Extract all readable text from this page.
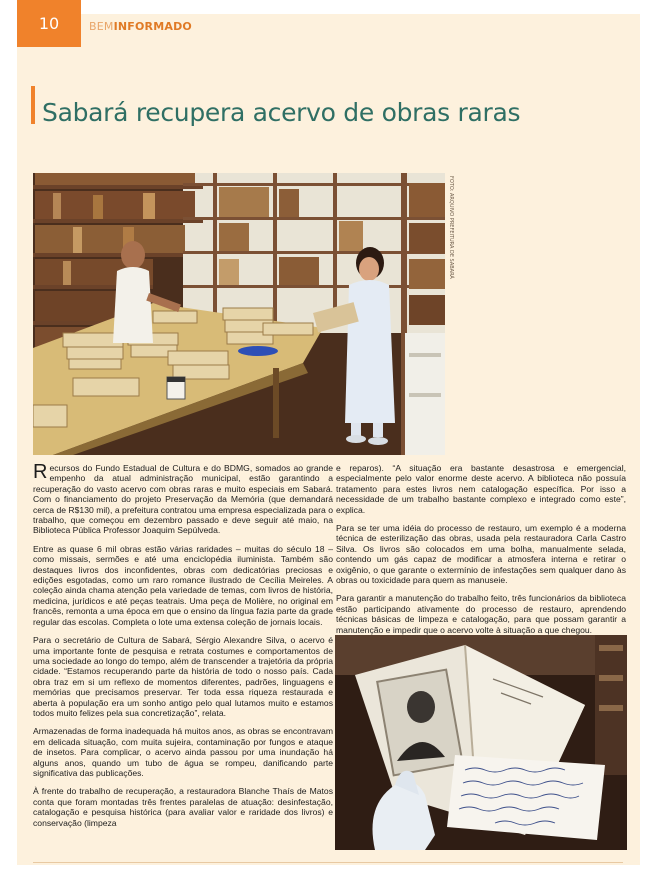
10	BEMINFORMADO
Sabará recupera acervo de obras raras
FOTO: ARQUIVO PREFEITURA DE SABARÁ

Recursos do Fundo Estadual de Cultura e do BDMG, somados ao grande empenho da atual administração municipal, estão garantindo a recuperação do vasto acervo com obras raras e muito especiais em Sabará. Com o financiamento do projeto Preservação da Memória (que demandará cerca de R$130 mil), a prefeitura contratou uma empresa especializada para o trabalho, que começou em dezembro passado e deve seguir até maio, na Biblioteca Pública Professor Joaquim Sepúlveda.

Entre as quase 6 mil obras estão várias raridades – muitas do século 18 – como missais, sermões e até uma enciclopédia iluminista. Também são destaques livros dos inconfidentes, obras com dedicatórias preciosas e edições esgotadas, como um raro romance ilustrado de Cecília Meireles. A coleção ainda chama atenção pela variedade de temas, com livros de história, medicina, jurídicos e até peças teatrais. Uma peça de Molière, no original em francês, remonta a uma época em que o ensino da língua fazia parte da grade regular das escolas. Completa o lote uma extensa coleção de jornais locais.

Para o secretário de Cultura de Sabará, Sérgio Alexandre Silva, o acervo é uma importante fonte de pesquisa e retrata costumes e comportamentos de uma sociedade ao longo do tempo, além de transcender a trajetória da própria cidade. “Estamos recuperando parte da história de todo o nosso país. Cada obra traz em si um reflexo de momentos diferentes, padrões, linguagens e memórias que precisamos preservar. Ter toda essa riqueza restaurada e aberta à população era um sonho antigo pelo qual lutamos muito e estamos todos muito felizes pela sua concretização”, relata.

Armazenadas de forma inadequada há muitos anos, as obras se encontravam em delicada situação, com muita sujeira, contaminação por fungos e ataque de insetos. Para complicar, o acervo ainda passou por uma inundação há alguns anos, quando um tubo de água se rompeu, danificando parte significativa das publicações.

À frente do trabalho de recuperação, a restauradora Blanche Thaís de Matos conta que foram montadas três frentes paralelas de atuação: desinfestação, catalogação e pesquisa histórica (para avaliar valor e raridade dos livros) e conservação (limpeza

e reparos). “A situação era bastante desastrosa e emergencial, especialmente pelo valor enorme deste acervo. A biblioteca não possuía tratamento para estes livros nem catalogação específica. Por isso a necessidade de um trabalho bastante complexo e integrado como este”, explica.

Para se ter uma idéia do processo de restauro, um exemplo é a moderna técnica de esterilização das obras, usada pela restauradora Carla Castro Silva. Os livros são colocados em uma bolha, manualmente selada, contendo um gás capaz de modificar a atmosfera interna e retirar o oxigênio, o que garante o extermínio de infestações sem qualquer dano às obras ou toxicidade para quem as manuseie.

Para garantir a manutenção do trabalho feito, três funcionários da biblioteca estão participando ativamente do processo de restauro, aprendendo técnicas básicas de limpeza e catalogação, para que possam garantir a manutenção e impedir que o acervo volte à situação a que chegou.
